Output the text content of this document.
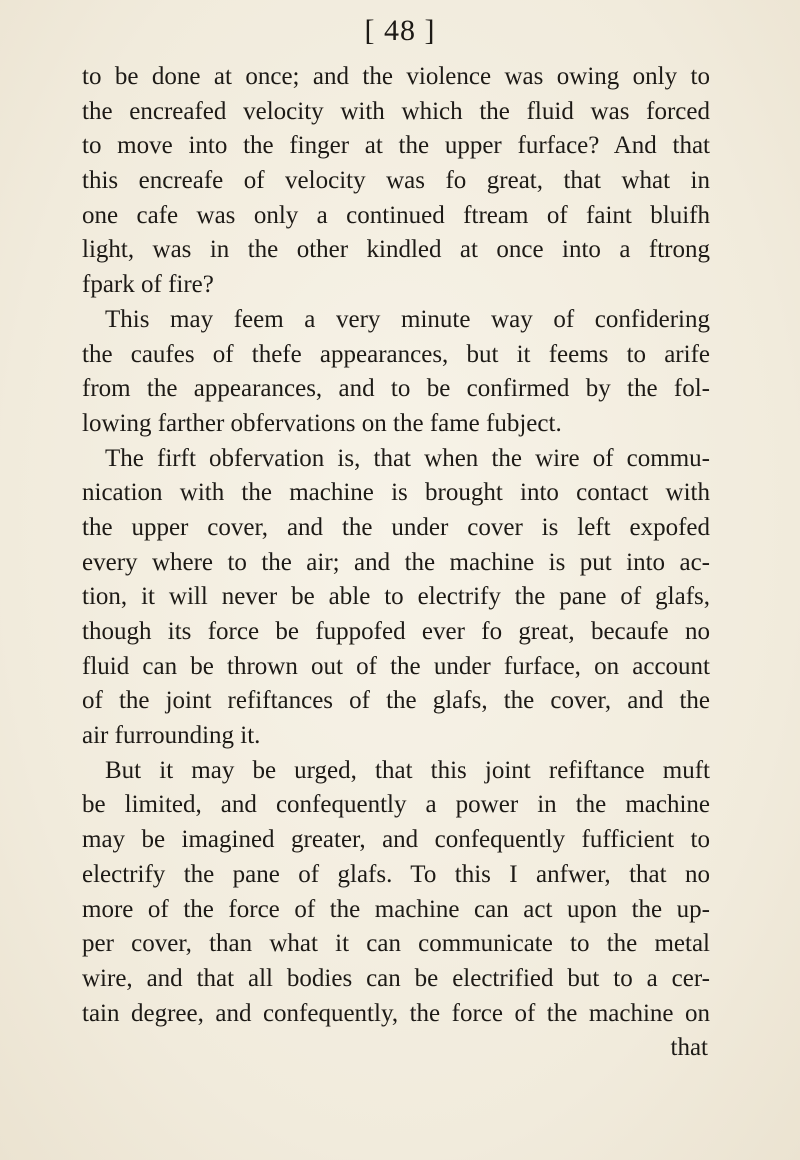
[ 48 ]
to be done at once; and the violence was owing only to
the encreafed velocity with which the fluid was forced
to move into the finger at the upper furface? And that
this encreafe of velocity was fo great, that what in
one cafe was only a continued ftream of faint bluifh
light, was in the other kindled at once into a ftrong
fpark of fire?
This may feem a very minute way of confidering
the caufes of thefe appearances, but it feems to arife
from the appearances, and to be confirmed by the fol-
lowing farther obfervations on the fame fubject.
The firft obfervation is, that when the wire of commu-
nication with the machine is brought into contact with
the upper cover, and the under cover is left expofed
every where to the air; and the machine is put into ac-
tion, it will never be able to electrify the pane of glafs,
though its force be fuppofed ever fo great, becaufe no
fluid can be thrown out of the under furface, on account
of the joint refiftances of the glafs, the cover, and the
air furrounding it.
But it may be urged, that this joint refiftance muft
be limited, and confequently a power in the machine
may be imagined greater, and confequently fufficient to
electrify the pane of glafs. To this I anfwer, that no
more of the force of the machine can act upon the up-
per cover, than what it can communicate to the metal
wire, and that all bodies can be electrified but to a cer-
tain degree, and confequently, the force of the machine on
that
